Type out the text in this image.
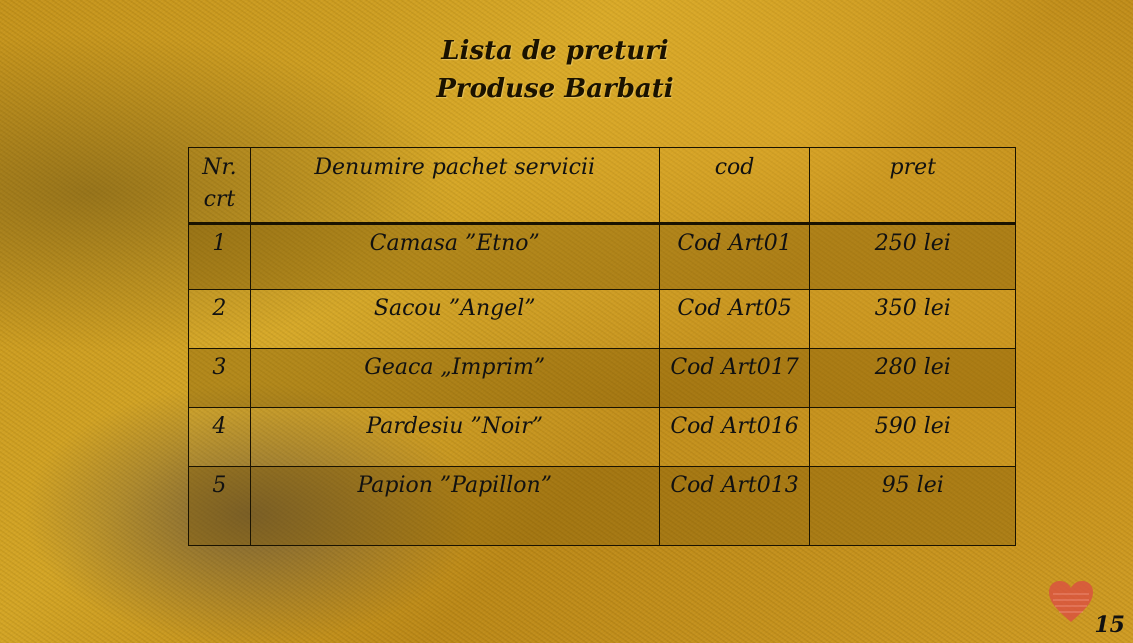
Lista de preturi
Produse Barbati
Nr. crt	Denumire pachet servicii	cod	pret
1	Camasa ”Etno”	Cod Art01	250 lei
2	Sacou ”Angel”	Cod Art05	350 lei
3	Geaca „Imprim”	Cod Art017	280 lei
4	Pardesiu ”Noir”	Cod Art016	590 lei
5	Papion ”Papillon”	Cod Art013	95 lei
15
